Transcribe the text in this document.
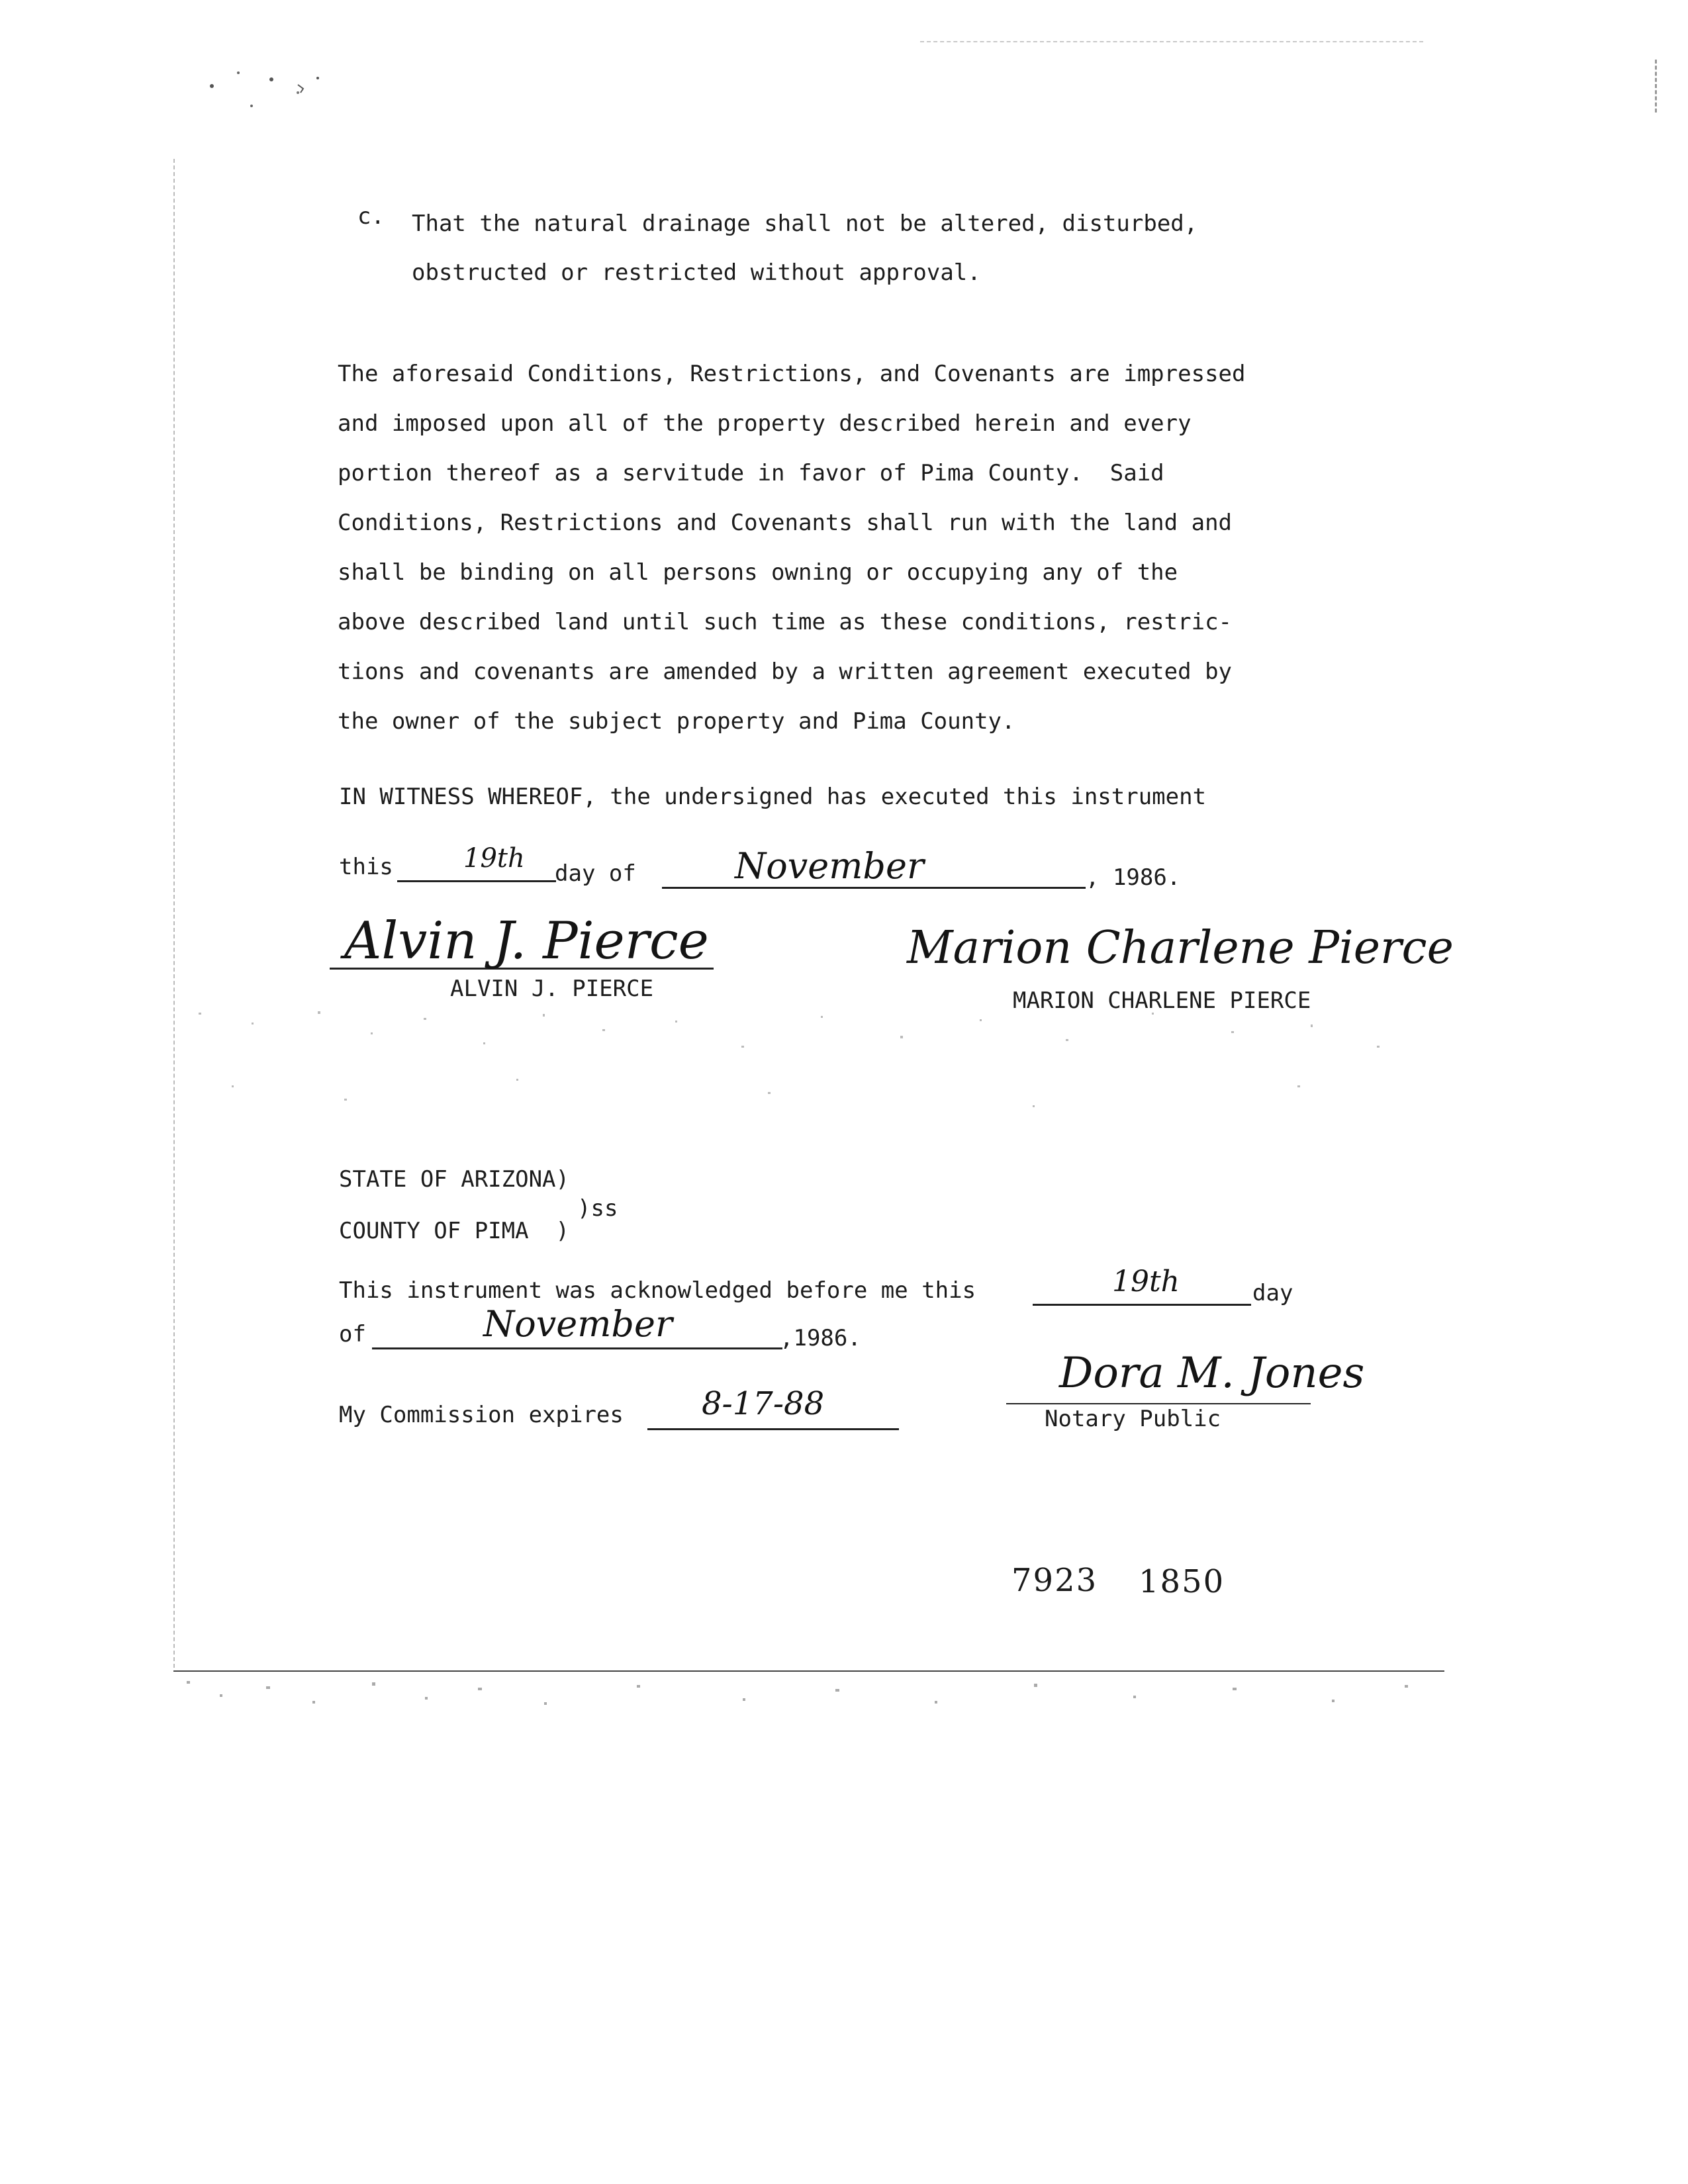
c. That the natural drainage shall not be altered, disturbed,
obstructed or restricted without approval.
The aforesaid Conditions, Restrictions, and Covenants are impressed
and imposed upon all of the property described herein and every
portion thereof as a servitude in favor of Pima County.  Said
Conditions, Restrictions and Covenants shall run with the land and
shall be binding on all persons owning or occupying any of the
above described land until such time as these conditions, restric-
tions and covenants are amended by a written agreement executed by
the owner of the subject property and Pima County.
IN WITNESS WHEREOF, the undersigned has executed this instrument
this	19th day of	November	, 1986.
Alvin J. Pierce
ALVIN J. PIERCE
Marion Charlene Pierce
MARION CHARLENE PIERCE
STATE OF ARIZONA)
)ss
COUNTY OF PIMA  )
This instrument was acknowledged before me this	19th	day
of	November	,1986.
My Commission expires 8-17-88
Dora M. Jones
Notary Public
7923 1850
